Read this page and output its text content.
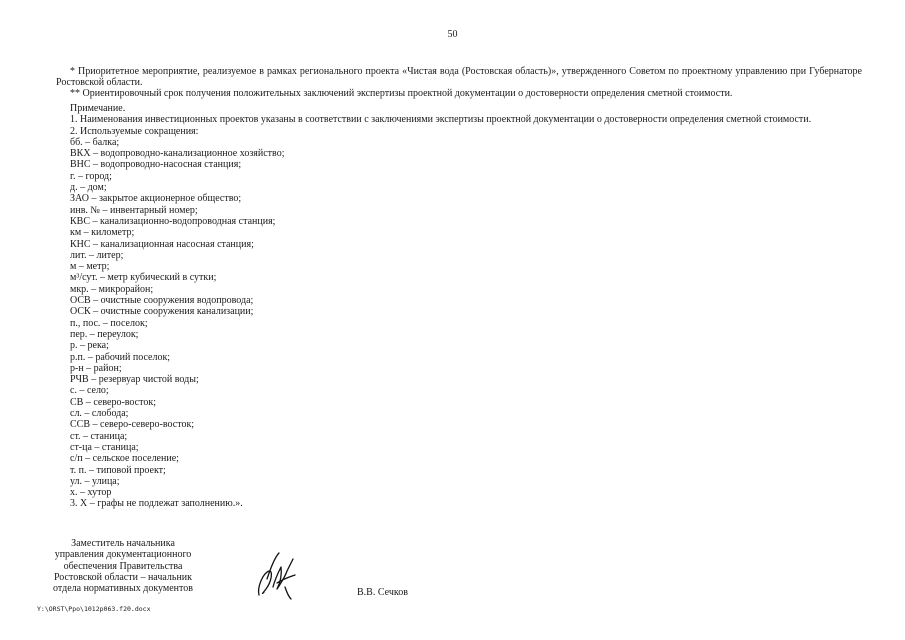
50

* Приоритетное мероприятие, реализуемое в рамках регионального проекта «Чистая вода (Ростовская область)», утвержденного Советом по проектному управлению при Губернаторе Ростовской области.

** Ориентировочный срок получения положительных заключений экспертизы проектной документации о достоверности определения сметной стоимости.

Примечание.
1. Наименования инвестиционных проектов указаны в соответствии с заключениями экспертизы проектной документации о достоверности определения сметной стоимости.
2. Используемые сокращения:
бб. – балка;
ВКХ – водопроводно-канализационное хозяйство;
ВНС – водопроводно-насосная станция;
г. – город;
д. – дом;
ЗАО – закрытое акционерное общество;
инв. № – инвентарный номер;
КВС – канализационно-водопроводная станция;
км – километр;
КНС – канализационная насосная станция;
лит. – литер;
м – метр;
м³/сут. – метр кубический в сутки;
мкр. – микрорайон;
ОСВ – очистные сооружения водопровода;
ОСК – очистные сооружения канализации;
п., пос. – поселок;
пер. – переулок;
р. – река;
р.п. – рабочий поселок;
р-н – район;
РЧВ – резервуар чистой воды;
с. – село;
СВ – северо-восток;
сл. – слобода;
ССВ – северо-северо-восток;
ст. – станица;
ст-ца – станица;
с/п – сельское поселение;
т. п. – типовой проект;
ул. – улица;
х. – хутор
3. Х – графы не подлежат заполнению.».
Заместитель начальника
управления документационного
обеспечения Правительства
Ростовской области – начальник
отдела нормативных документов	В.В. Сечков
Y:\ORST\Ppo\1012p063.f20.docx
